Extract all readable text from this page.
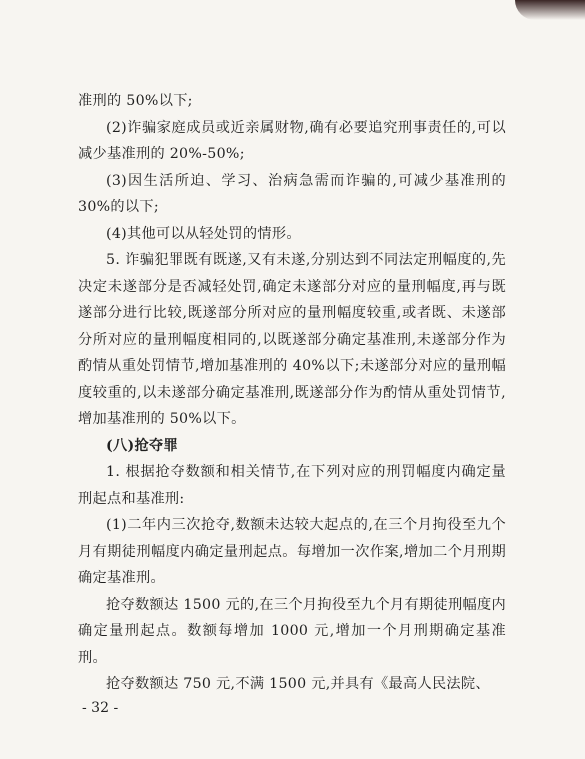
准刑的 50%以下;

(2)诈骗家庭成员或近亲属财物,确有必要追究刑事责任的,可以减少基准刑的 20%-50%;

(3)因生活所迫、学习、治病急需而诈骗的,可减少基准刑的 30%的以下;

(4)其他可以从轻处罚的情形。

5. 诈骗犯罪既有既遂,又有未遂,分别达到不同法定刑幅度的,先决定未遂部分是否减轻处罚,确定未遂部分对应的量刑幅度,再与既遂部分进行比较,既遂部分所对应的量刑幅度较重,或者既、未遂部分所对应的量刑幅度相同的,以既遂部分确定基准刑,未遂部分作为酌情从重处罚情节,增加基准刑的 40%以下;未遂部分对应的量刑幅度较重的,以未遂部分确定基准刑,既遂部分作为酌情从重处罚情节,增加基准刑的 50%以下。

(八)抢夺罪

1. 根据抢夺数额和相关情节,在下列对应的刑罚幅度内确定量刑起点和基准刑:

(1)二年内三次抢夺,数额未达较大起点的,在三个月拘役至九个月有期徒刑幅度内确定量刑起点。每增加一次作案,增加二个月刑期确定基准刑。

抢夺数额达 1500 元的,在三个月拘役至九个月有期徒刑幅度内确定量刑起点。数额每增加 1000 元,增加一个月刑期确定基准刑。

抢夺数额达 750 元,不满 1500 元,并具有《最高人民法院、

- 32 -
